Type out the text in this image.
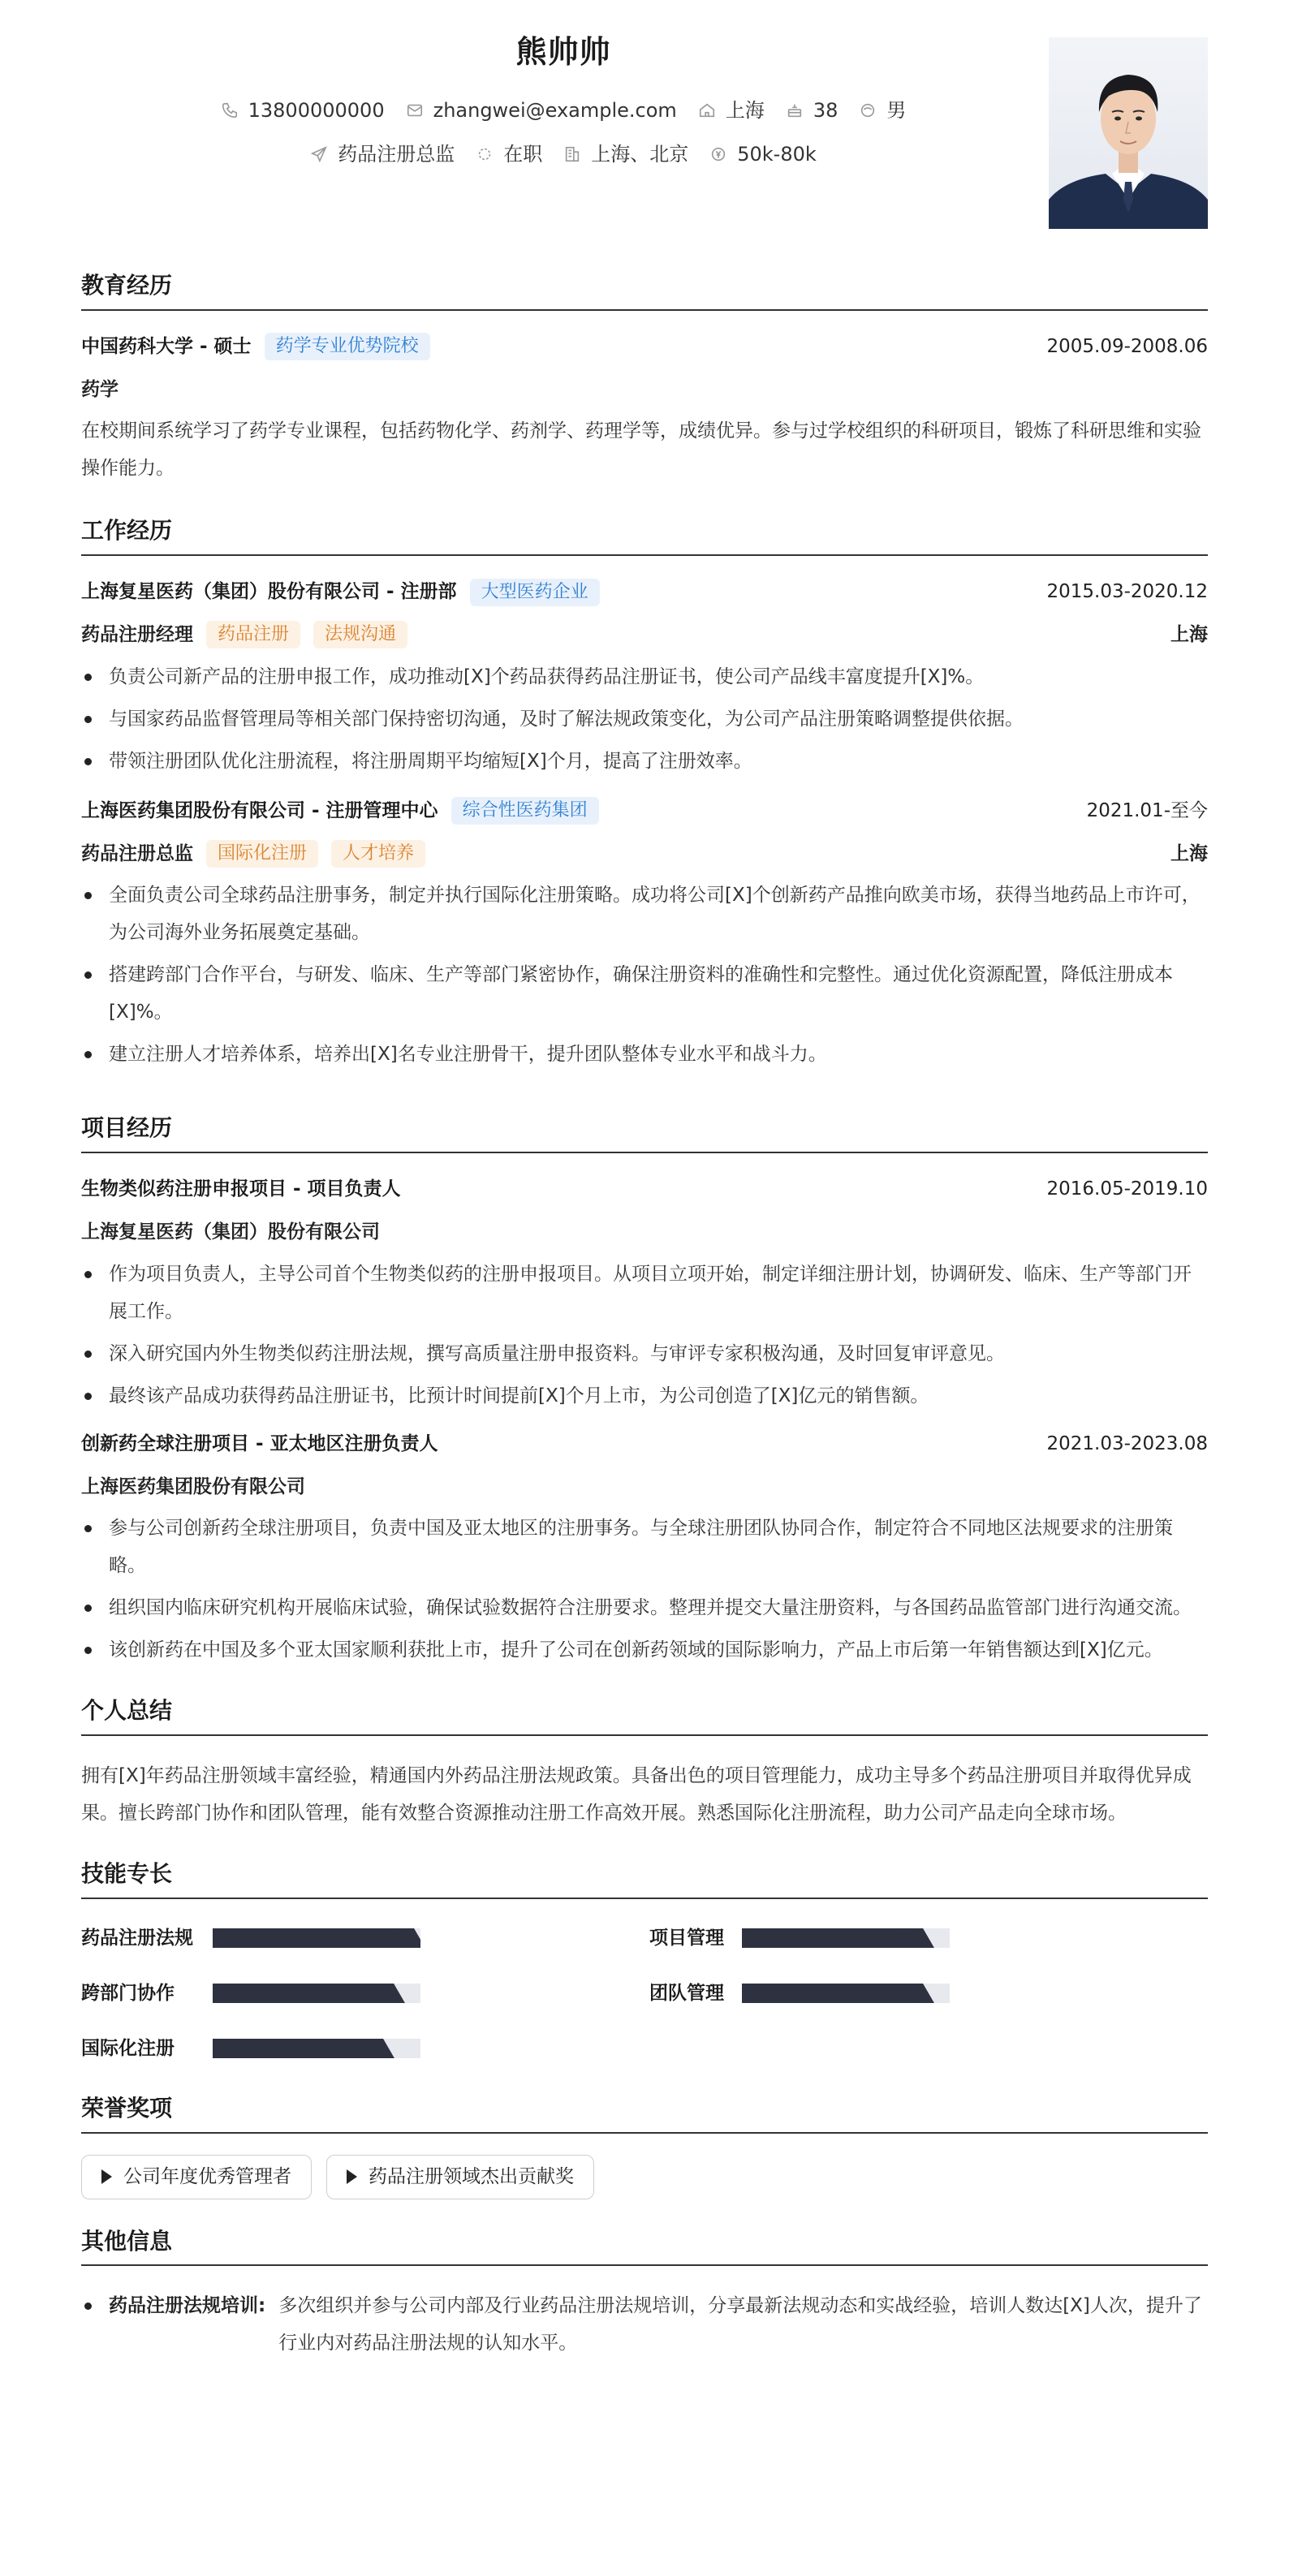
熊帅帅
13800000000	zhangwei@example.com	上海	38	男
药品注册总监	在职	上海、北京	50k-80k
教育经历
中国药科大学 - 硕士	药学专业优势院校	2005.09-2008.06
药学
在校期间系统学习了药学专业课程，包括药物化学、药剂学、药理学等，成绩优异。参与过学校组织的科研项目，锻炼了科研思维和实验操作能力。
工作经历
上海复星医药（集团）股份有限公司 - 注册部	大型医药企业	2015.03-2020.12
药品注册经理	药品注册	法规沟通	上海
负责公司新产品的注册申报工作，成功推动[X]个药品获得药品注册证书，使公司产品线丰富度提升[X]%。
与国家药品监督管理局等相关部门保持密切沟通，及时了解法规政策变化，为公司产品注册策略调整提供依据。
带领注册团队优化注册流程，将注册周期平均缩短[X]个月，提高了注册效率。
上海医药集团股份有限公司 - 注册管理中心	综合性医药集团	2021.01-至今
药品注册总监	国际化注册	人才培养	上海
全面负责公司全球药品注册事务，制定并执行国际化注册策略。成功将公司[X]个创新药产品推向欧美市场，获得当地药品上市许可，为公司海外业务拓展奠定基础。
搭建跨部门合作平台，与研发、临床、生产等部门紧密协作，确保注册资料的准确性和完整性。通过优化资源配置，降低注册成本[X]%。
建立注册人才培养体系，培养出[X]名专业注册骨干，提升团队整体专业水平和战斗力。
项目经历
生物类似药注册申报项目 - 项目负责人	2016.05-2019.10
上海复星医药（集团）股份有限公司
作为项目负责人，主导公司首个生物类似药的注册申报项目。从项目立项开始，制定详细注册计划，协调研发、临床、生产等部门开展工作。
深入研究国内外生物类似药注册法规，撰写高质量注册申报资料。与审评专家积极沟通，及时回复审评意见。
最终该产品成功获得药品注册证书，比预计时间提前[X]个月上市，为公司创造了[X]亿元的销售额。
创新药全球注册项目 - 亚太地区注册负责人	2021.03-2023.08
上海医药集团股份有限公司
参与公司创新药全球注册项目，负责中国及亚太地区的注册事务。与全球注册团队协同合作，制定符合不同地区法规要求的注册策略。
组织国内临床研究机构开展临床试验，确保试验数据符合注册要求。整理并提交大量注册资料，与各国药品监管部门进行沟通交流。
该创新药在中国及多个亚太国家顺利获批上市，提升了公司在创新药领域的国际影响力，产品上市后第一年销售额达到[X]亿元。
个人总结
拥有[X]年药品注册领域丰富经验，精通国内外药品注册法规政策。具备出色的项目管理能力，成功主导多个药品注册项目并取得优异成果。擅长跨部门协作和团队管理，能有效整合资源推动注册工作高效开展。熟悉国际化注册流程，助力公司产品走向全球市场。
技能专长
药品注册法规	项目管理
跨部门协作	团队管理
国际化注册
荣誉奖项
公司年度优秀管理者	药品注册领域杰出贡献奖
其他信息
药品注册法规培训: 多次组织并参与公司内部及行业药品注册法规培训，分享最新法规动态和实战经验，培训人数达[X]人次，提升了行业内对药品注册法规的认知水平。
